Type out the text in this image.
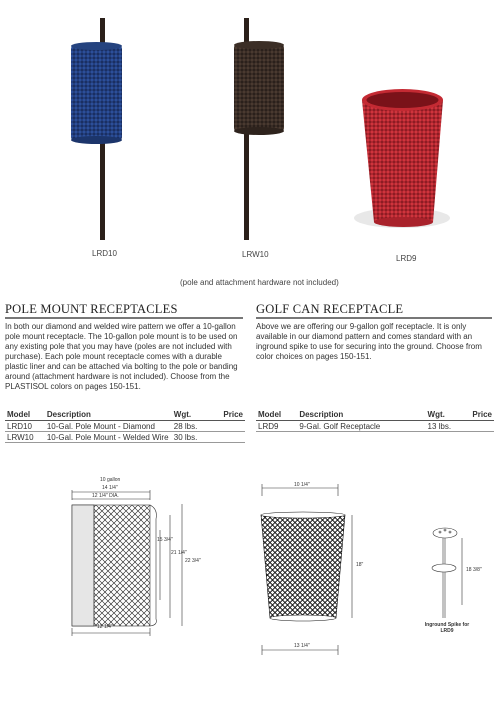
LRD10	LRW10	LRD9
(pole and attachment hardware not included)
POLE MOUNT RECEPTACLES
In both our diamond and welded wire pattern we offer a 10-gallon pole mount receptacle. The 10-gallon pole mount is to be used on any existing pole that you may have (poles are not included with purchase). Each pole mount receptacle comes with a durable plastic liner and can be attached via bolting to the pole or banding around (attachment hardware is not included). Choose from the PLASTISOL colors on pages 150-151.
Model	Description	Wgt.	Price
LRD10	10-Gal. Pole Mount - Diamond	28 lbs.	
LRW10	10-Gal. Pole Mount - Welded Wire	30 lbs.	
GOLF CAN RECEPTACLE
Above we are offering our 9-gallon golf receptacle. It is only available in our diamond pattern and comes standard with an inground spike to use for securing into the ground. Choose from color choices on pages 150-151.
Model	Description	Wgt.	Price
LRD9	9-Gal. Golf Receptacle	13 lbs.	
10 gallon
14 1/4"
12 1/4" DIA.
15 3/4"
21 1/4"
22 3/4"
12 1/4"
10 1/4"
18"
13 1/4"
18 3/8"
Inground Spike for LRD9
